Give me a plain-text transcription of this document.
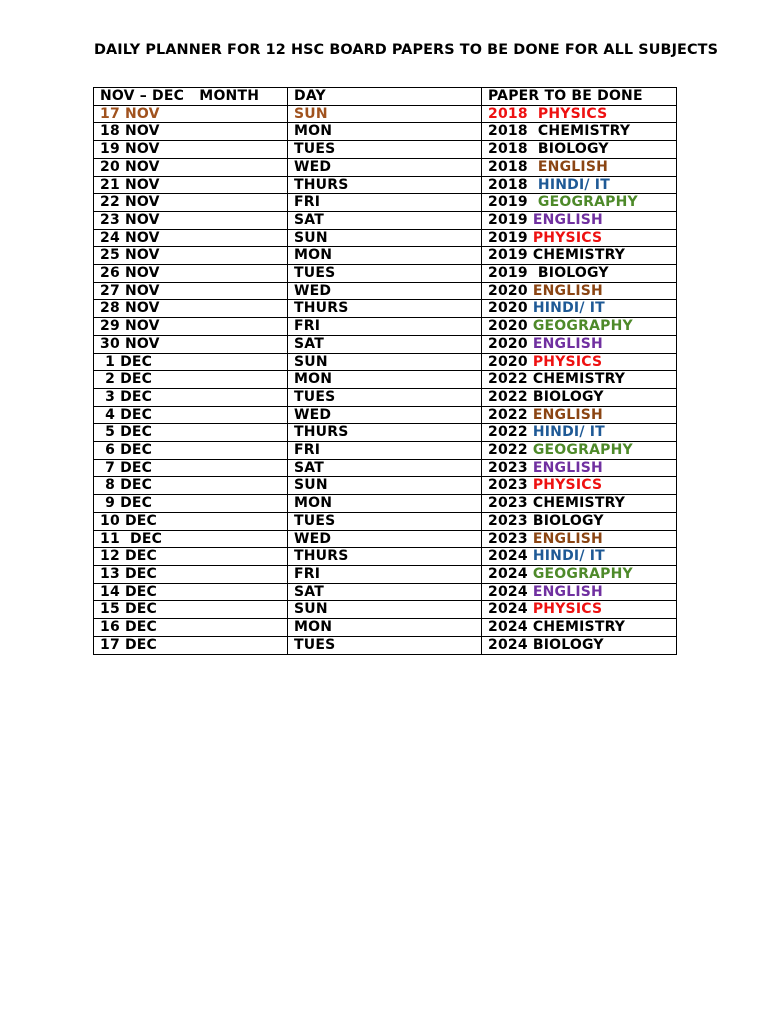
DAILY PLANNER FOR 12 HSC BOARD PAPERS TO BE DONE FOR ALL SUBJECTS
NOV – DEC   MONTH	DAY	PAPER TO BE DONE
17 NOV	SUN	2018 PHYSICS
18 NOV	MON	2018 CHEMISTRY
19 NOV	TUES	2018 BIOLOGY
20 NOV	WED	2018 ENGLISH
21 NOV	THURS	2018 HINDI/ IT
22 NOV	FRI	2019 GEOGRAPHY
23 NOV	SAT	2019 ENGLISH
24 NOV	SUN	2019 PHYSICS
25 NOV	MON	2019 CHEMISTRY
26 NOV	TUES	2019 BIOLOGY
27 NOV	WED	2020 ENGLISH
28 NOV	THURS	2020 HINDI/ IT
29 NOV	FRI	2020 GEOGRAPHY
30 NOV	SAT	2020 ENGLISH
1 DEC	SUN	2020 PHYSICS
2 DEC	MON	2022 CHEMISTRY
3 DEC	TUES	2022 BIOLOGY
4 DEC	WED	2022 ENGLISH
5 DEC	THURS	2022 HINDI/ IT
6 DEC	FRI	2022 GEOGRAPHY
7 DEC	SAT	2023 ENGLISH
8 DEC	SUN	2023 PHYSICS
9 DEC	MON	2023 CHEMISTRY
10 DEC	TUES	2023 BIOLOGY
11  DEC	WED	2023 ENGLISH
12 DEC	THURS	2024 HINDI/ IT
13 DEC	FRI	2024 GEOGRAPHY
14 DEC	SAT	2024 ENGLISH
15 DEC	SUN	2024 PHYSICS
16 DEC	MON	2024 CHEMISTRY
17 DEC	TUES	2024 BIOLOGY
